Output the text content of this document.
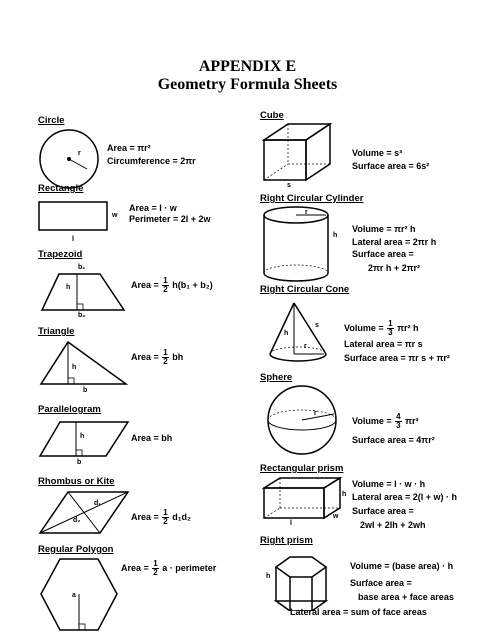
APPENDIX E
Geometry Formula Sheets
Circle
r
Area = πr²
Circumference = 2πr
Rectangle
w
l
Area = l · w
Perimeter = 2l + 2w
Trapezoid
b₁
h
b₂
Area = $\frac{1}{2} h(b_1 + b_2)$
Triangle
h
b
Area = $\frac{1}{2}$ bh
Parallelogram
h
b
Area = bh
Rhombus or Kite
d₁
d₂	Area = $\frac{1}{2} d_1d_2$
Regular Polygon
a
Area = $\frac{1}{2}$ a · perimeter
Cube
s
Volume = s³
Surface area = 6s²
Right Circular Cylinder
r
h
Volume = πr² h
Lateral area = 2πr h
Surface area =
2πr h + 2πr²
Right Circular Cone
h
s
r
Volume = $\frac{1}{3} \pi r^2$ h
Lateral area = πr s
Surface area = πr s + πr²
Sphere
r
Volume = $\frac{4}{3} \pi r^3$
Surface area = 4πr²
Rectangular prism
h
w
l
Volume = l · w · h
Lateral area = 2(l + w) · h
Surface area =
2wl + 2lh + 2wh
Right prism
h
Volume = (base area) · h
Surface area =
base area + face areas
Lateral area = sum of face areas
